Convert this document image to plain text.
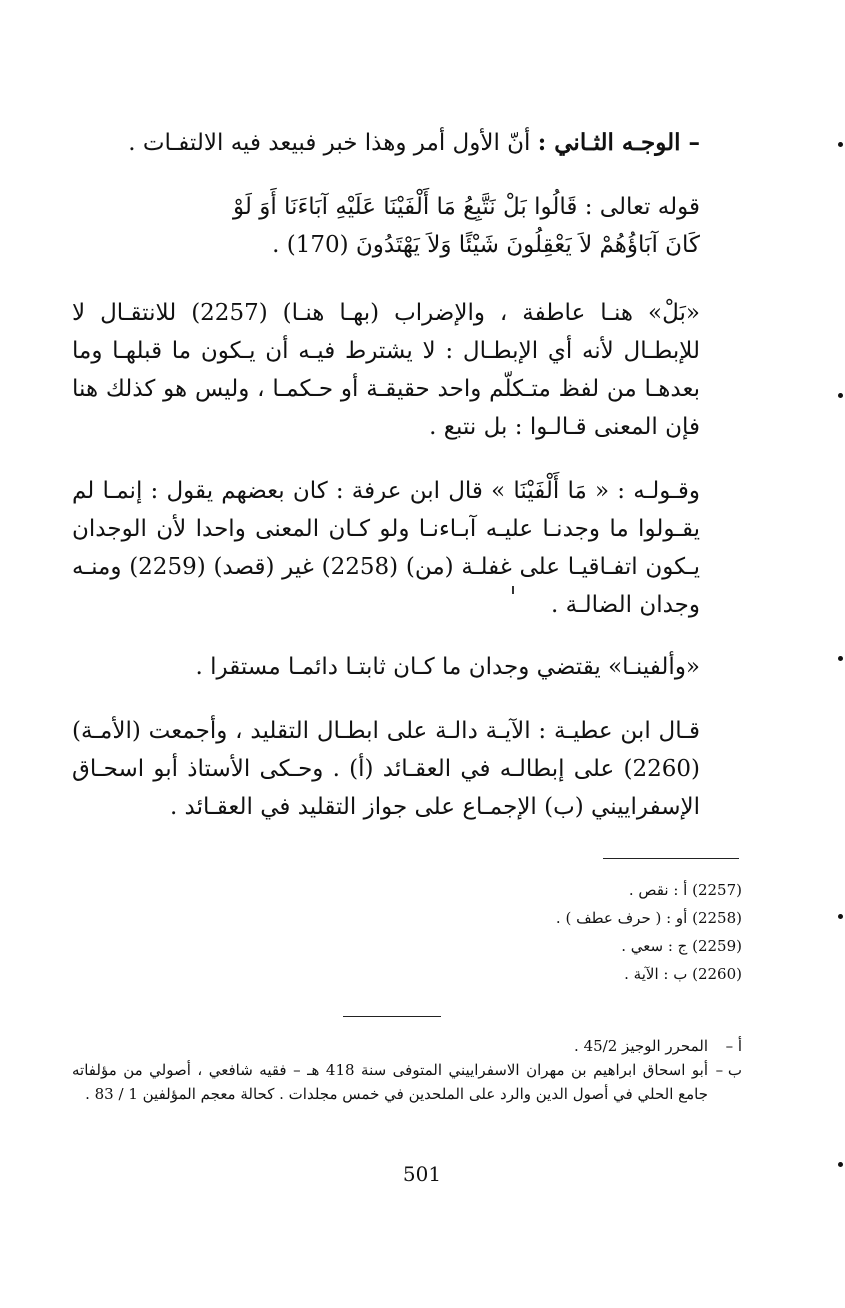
– الوجـه الثـاني : أنّ الأول أمر وهذا خبر فبيعد فيه الالتفـات .

قوله تعالى : قَالُوا بَلْ نَتَّبِعُ مَا أَلْفَيْنَا عَلَيْهِ آبَاءَنَا أَوَ لَوْ
كَانَ آبَاؤُهُمْ لاَ يَعْقِلُونَ شَيْئًا وَلاَ يَهْتَدُونَ (170) .

«بَلْ» هنـا عاطفة ، والإضراب (بهـا هنـا) (2257) للانتقـال لا للإبطـال لأنه أي الإبطـال : لا يشترط فيـه أن يـكون ما قبلهـا وما بعدهـا من لفظ متـكلّم واحد حقيقـة أو حـكمـا ، وليس هو كذلك هنا فإن المعنى قـالـوا : بل نتبع .

وقـولـه : « مَا أَلْفَيْنَا » قال ابن عرفة : كان بعضهم يقول : إنمـا لم يقـولوا ما وجدنـا عليـه آبـاءنـا ولو كـان المعنى واحدا لأن الوجدان يـكون اتفـاقيـا على غفلـة (من) (2258) غير (قصد) (2259) ومنـه وجدان الضالـة .

«وألفينـا» يقتضي وجدان ما كـان ثابتـا دائمـا مستقرا .

قـال ابن عطيـة : الآيـة دالـة على ابطـال التقليد ، وأجمعت (الأمـة) (2260) على إبطالـه في العقـائد (أ) . وحـكى الأستاذ أبو اسحـاق الإسفراييني (ب) الإجمـاع على جواز التقليد في العقـائد .

(2257) أ : نقص .
(2258) أو : ( حرف عطف ) .
(2259) ج : سعي .
(2260) ب : الآية .
أ –
المحرر الوجيز 45/2 .
ب –
أبو اسحاق ابراهيم بن مهران الاسفراييني المتوفى سنة 418 هـ – فقيه شافعي ، أصولي من مؤلفاته جامع الحلي في أصول الدين والرد على الملحدين في خمس مجلدات . كحالة معجم المؤلفين 1 / 83 .
501
